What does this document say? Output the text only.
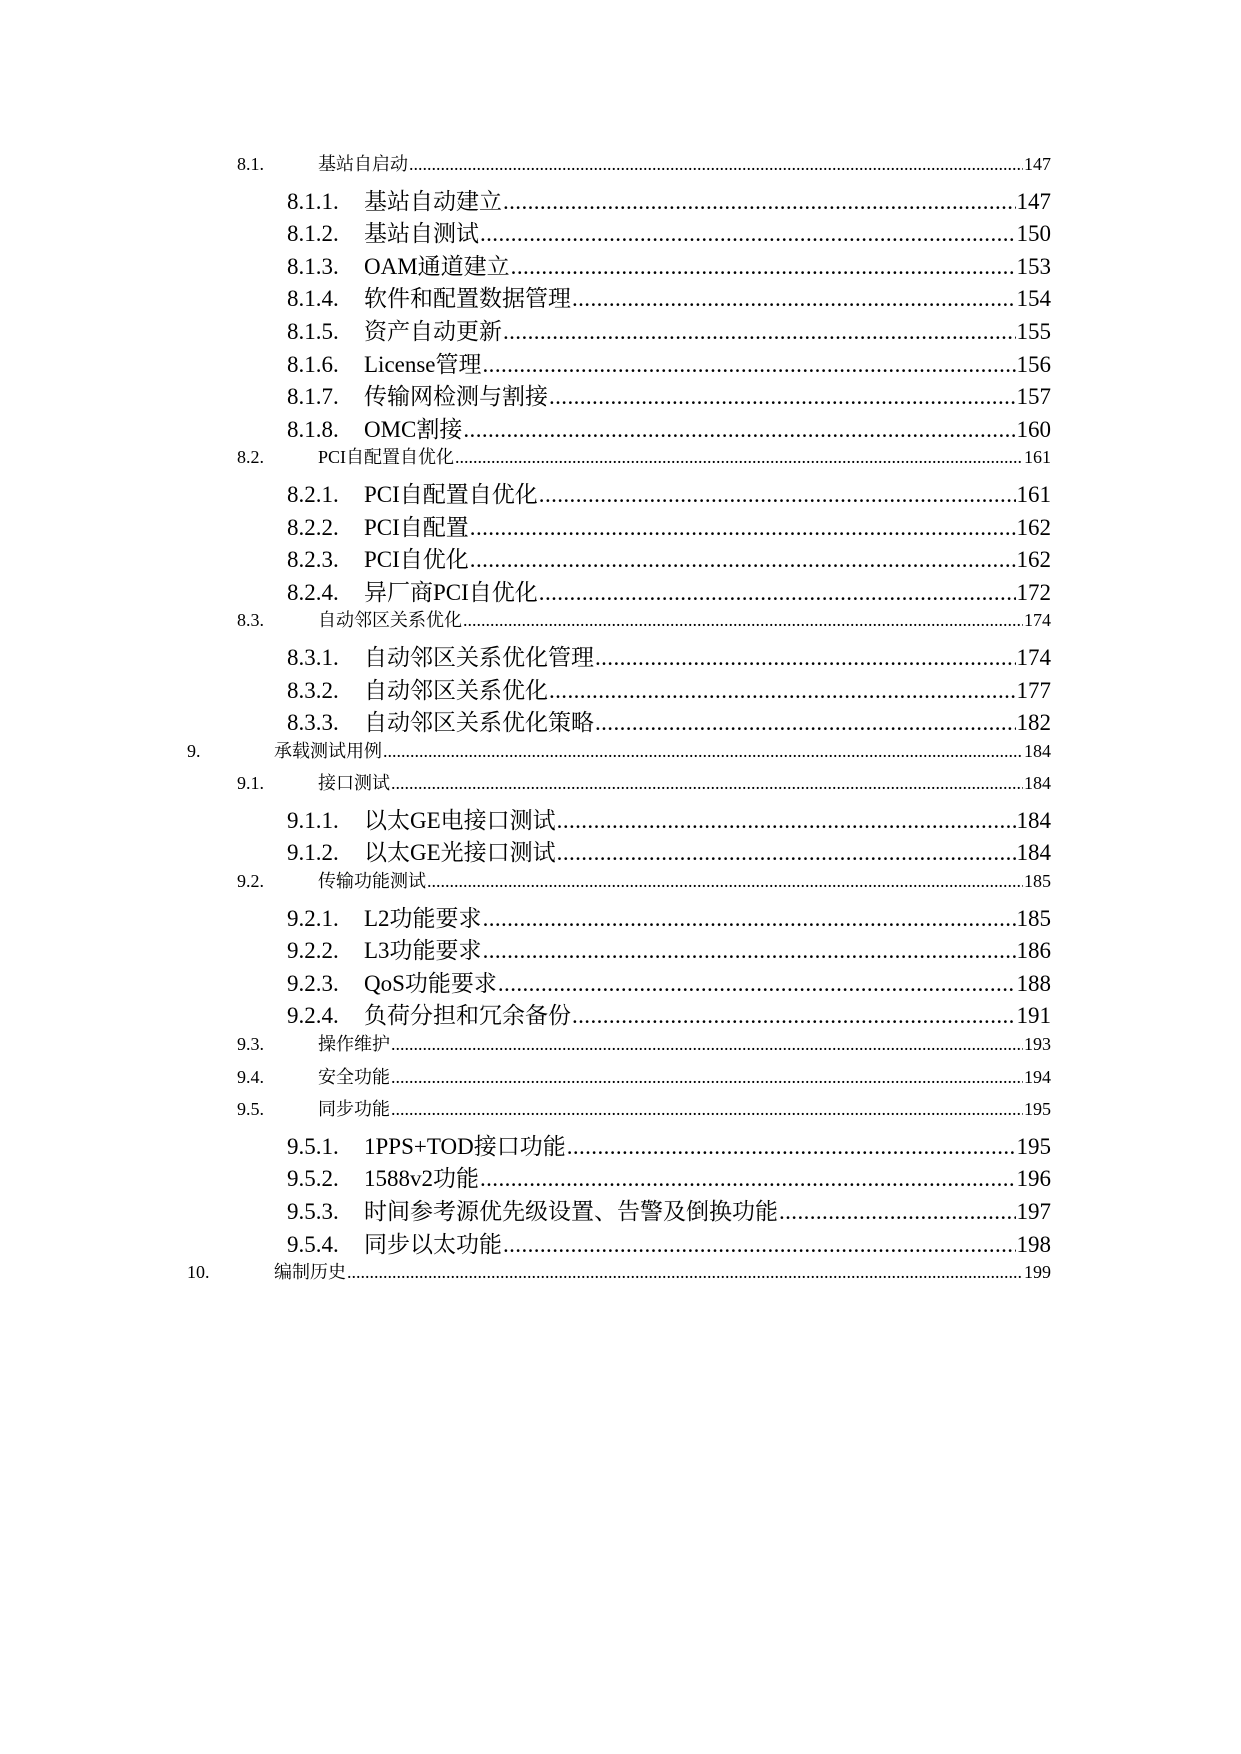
8.1.	基站自启动 .....	147
8.1.1.	基站自动建立 .....	147
8.1.2.	基站自测试 .....	150
8.1.3.	OAM通道建立 .....	153
8.1.4.	软件和配置数据管理 .....	154
8.1.5.	资产自动更新 .....	155
8.1.6.	License管理 .....	156
8.1.7.	传输网检测与割接 .....	157
8.1.8.	OMC割接 .....	160
8.2.	PCI自配置自优化 .....	161
8.2.1.	PCI自配置自优化 .....	161
8.2.2.	PCI自配置 .....	162
8.2.3.	PCI自优化 .....	162
8.2.4.	异厂商PCI自优化 .....	172
8.3.	自动邻区关系优化 .....	174
8.3.1.	自动邻区关系优化管理 .....	174
8.3.2.	自动邻区关系优化 .....	177
8.3.3.	自动邻区关系优化策略 .....	182
9.	承载测试用例 .....	184
9.1.	接口测试 .....	184
9.1.1.	以太GE电接口测试 .....	184
9.1.2.	以太GE光接口测试 .....	184
9.2.	传输功能测试 .....	185
9.2.1.	L2功能要求 .....	185
9.2.2.	L3功能要求 .....	186
9.2.3.	QoS功能要求 .....	188
9.2.4.	负荷分担和冗余备份 .....	191
9.3.	操作维护 .....	193
9.4.	安全功能 .....	194
9.5.	同步功能 .....	195
9.5.1.	1PPS+TOD接口功能 .....	195
9.5.2.	1588v2功能 .....	196
9.5.3.	时间参考源优先级设置、告警及倒换功能 .....	197
9.5.4.	同步以太功能 .....	198
10.	编制历史 .....	199
